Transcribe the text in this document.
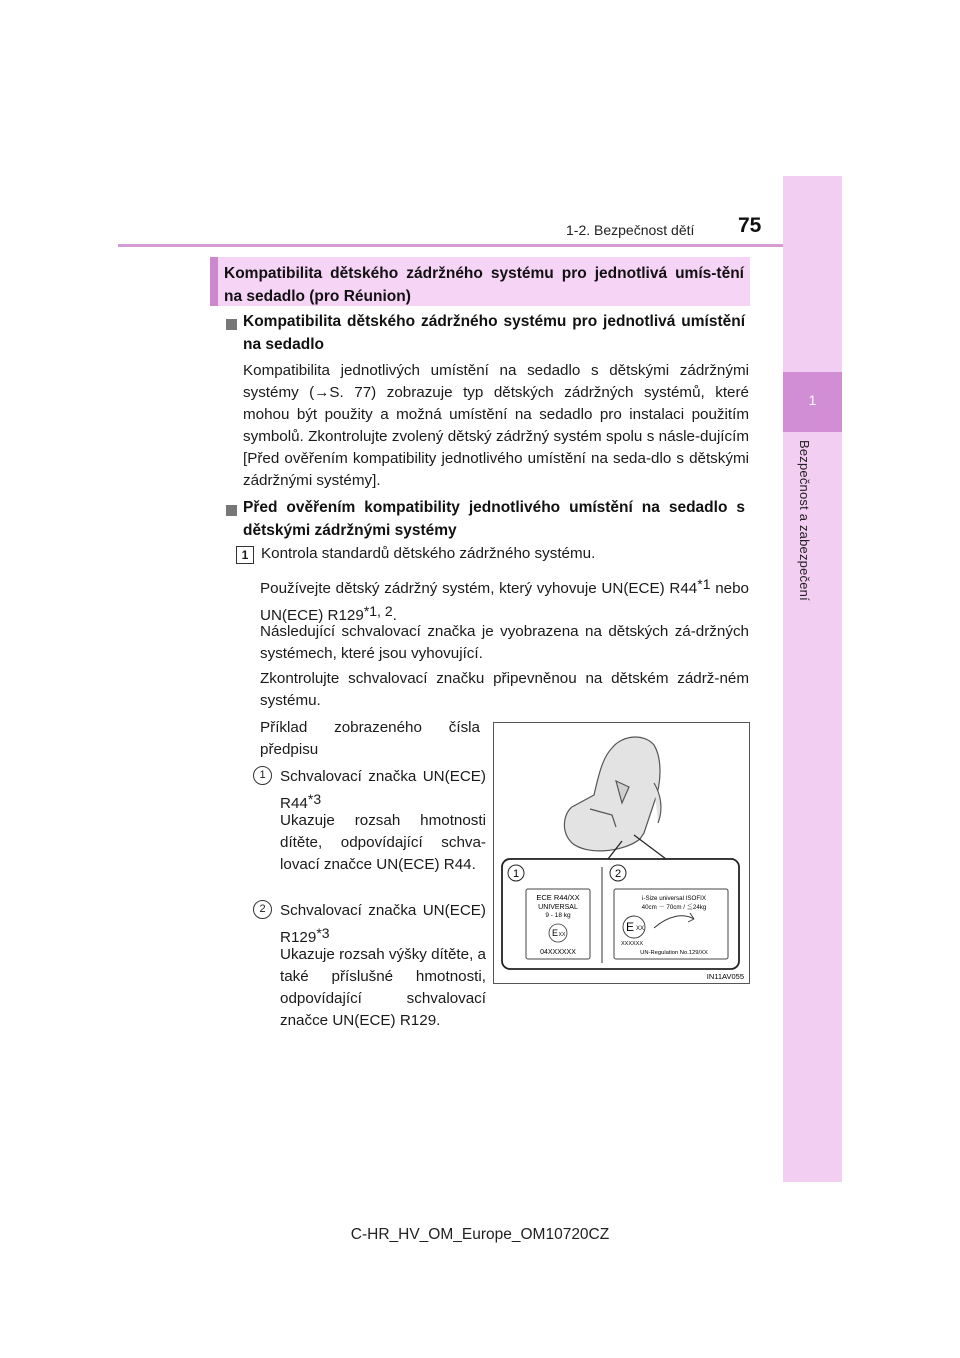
1-2. Bezpečnost dětí 75
1
Bezpečnost a zabezpečení
Kompatibilita dětského zádržného systému pro jednotlivá umís-tění na sedadlo (pro Réunion)
Kompatibilita dětského zádržného systému pro jednotlivá umístění na sedadlo
Kompatibilita jednotlivých umístění na sedadlo s dětskými zádržnými systémy (→S. 77) zobrazuje typ dětských zádržných systémů, které mohou být použity a možná umístění na sedadlo pro instalaci použitím symbolů. Zkontrolujte zvolený dětský zádržný systém spolu s násle-dujícím [Před ověřením kompatibility jednotlivého umístění na seda-dlo s dětskými zádržnými systémy].
Před ověřením kompatibility jednotlivého umístění na sedadlo s dětskými zádržnými systémy
1 Kontrola standardů dětského zádržného systému.
Používejte dětský zádržný systém, který vyhovuje UN(ECE) R44*1 nebo UN(ECE) R129*1, 2.
Následující schvalovací značka je vyobrazena na dětských zá-držných systémech, které jsou vyhovující.
Zkontrolujte schvalovací značku připevněnou na dětském zádrž-ném systému.
Příklad zobrazeného čísla předpisu
1 Schvalovací značka UN(ECE) R44*3
Ukazuje rozsah hmotnosti dítěte, odpovídající schva-lovací značce UN(ECE) R44.
2 Schvalovací značka UN(ECE) R129*3
Ukazuje rozsah výšky dítěte, a také příslušné hmotnosti, odpovídající schvalovací značce UN(ECE) R129.
1	2
ECE R44/XX
UNIVERSAL
9 - 18 kg
E XX
04XXXXXX
i-Size universal ISOFIX
40cm － 70cm / ≦24kg
E XX
XXXXXX
UN-Regulation No.129/XX
IN11AV055
C-HR_HV_OM_Europe_OM10720CZ
